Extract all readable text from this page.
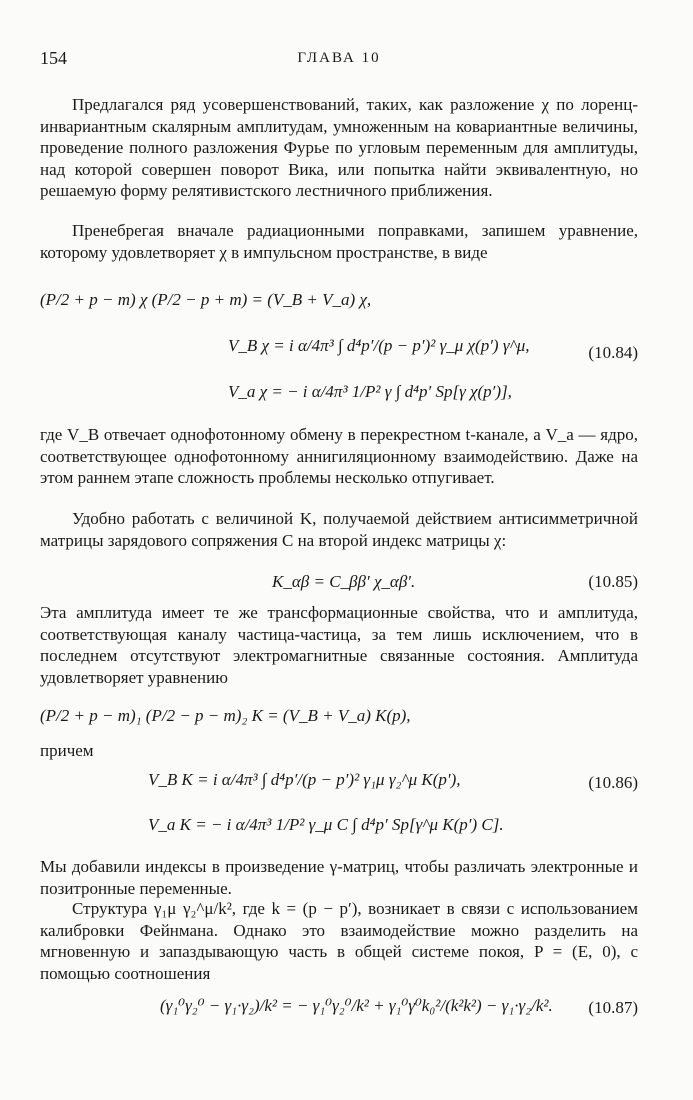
154	ГЛАВА 10
Предлагался ряд усовершенствований, таких, как разложение χ по лоренц-инвариантным скалярным амплитудам, умноженным на ковариантные величины, проведение полного разложения Фурье по угловым переменным для амплитуды, над которой совершен поворот Вика, или попытка найти эквивалентную, но решаемую форму релятивистского лестничного приближения.
Пренебрегая вначале радиационными поправками, запишем уравнение, которому удовлетворяет χ в импульсном пространстве, в виде
(P/2 + p − m) χ (P/2 − p + m) = (V_B + V_a) χ,
V_B χ = i α/4π³ ∫ d⁴p′/(p − p′)² γ_μ χ(p′) γ^μ,	(10.84)
V_a χ = − i α/4π³ 1/P² γ ∫ d⁴p′ Sp[γ χ(p′)],
где V_B отвечает однофотонному обмену в перекрестном t-канале, а V_a — ядро, соответствующее однофотонному аннигиляционному взаимодействию. Даже на этом раннем этапе сложность проблемы несколько отпугивает.
Удобно работать с величиной K, получаемой действием антисимметричной матрицы зарядового сопряжения C на второй индекс матрицы χ:
K_αβ = C_ββ′ χ_αβ′.	(10.85)
Эта амплитуда имеет те же трансформационные свойства, что и амплитуда, соответствующая каналу частица-частица, за тем лишь исключением, что в последнем отсутствуют электромагнитные связанные состояния. Амплитуда удовлетворяет уравнению
(P/2 + p − m)₁ (P/2 − p − m)₂ K = (V_B + V_a) K(p),
причем
V_B K = i α/4π³ ∫ d⁴p′/(p − p′)² γ₁μ γ₂^μ K(p′),	(10.86)
V_a K = − i α/4π³ 1/P² γ_μ C ∫ d⁴p′ Sp[γ^μ K(p′) C].
Мы добавили индексы в произведение γ-матриц, чтобы различать электронные и позитронные переменные.
Структура γ₁μ γ₂^μ/k², где k = (p − p′), возникает в связи с использованием калибровки Фейнмана. Однако это взаимодействие можно разделить на мгновенную и запаздывающую часть в общей системе покоя, P = (E, 0), с помощью соотношения
(γ₁⁰γ₂⁰ − γ₁·γ₂)/k² = − γ₁⁰γ₂⁰/k² + γ₁⁰γ⁰k₀²/(k²k²) − γ₁·γ₂/k². (10.87)
